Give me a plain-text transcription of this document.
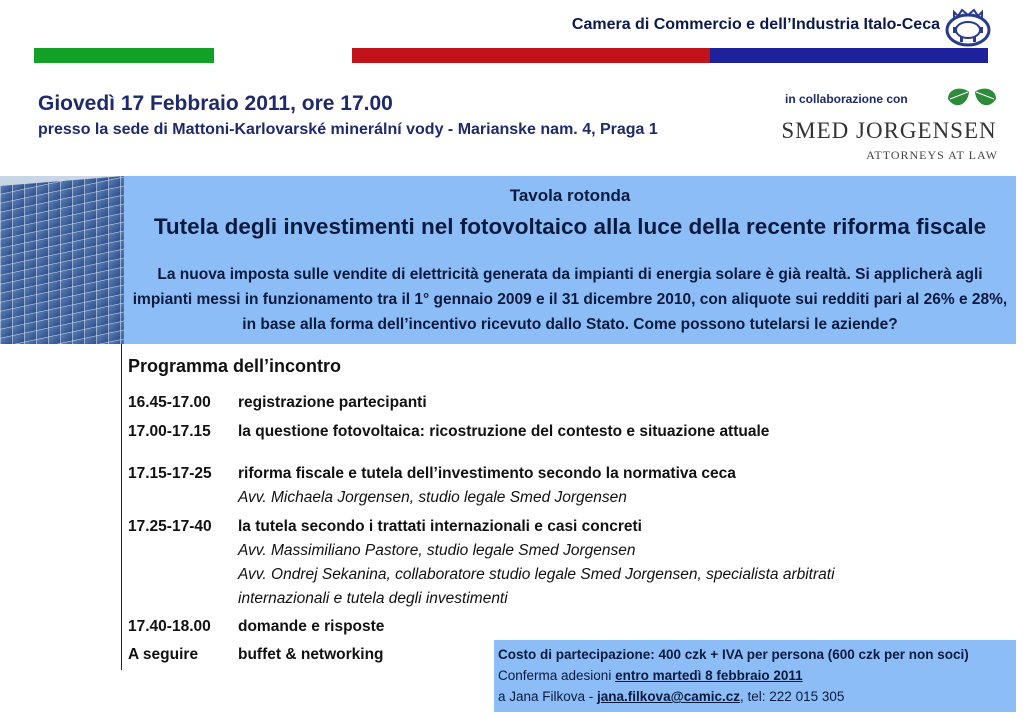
Camera di Commercio e dell’Industria Italo-Ceca
Giovedì 17 Febbraio 2011, ore 17.00
presso la sede di Mattoni-Karlovarské minerální vody - Marianske nam. 4, Praga 1
in collaborazione con
SMED JORGENSEN
ATTORNEYS AT LAW
Tavola rotonda
Tutela degli investimenti nel fotovoltaico alla luce della recente riforma fiscale
La nuova imposta sulle vendite di elettricità generata da impianti di energia solare è già realtà. Si applicherà agli impianti messi in funzionamento tra il 1° gennaio 2009 e il 31 dicembre 2010, con aliquote sui redditi pari al 26% e 28%, in base alla forma dell’incentivo ricevuto dallo Stato. Come possono tutelarsi le aziende?
Programma dell’incontro
16.45-17.00 registrazione partecipanti
17.00-17.15 la questione fotovoltaica: ricostruzione del contesto e situazione attuale
17.15-17-25 riforma fiscale e tutela dell’investimento secondo la normativa ceca
Avv. Michaela Jorgensen, studio legale Smed Jorgensen
17.25-17-40 la tutela secondo i trattati internazionali e casi concreti
Avv. Massimiliano Pastore, studio legale Smed Jorgensen
Avv. Ondrej Sekanina, collaboratore studio legale Smed Jorgensen, specialista arbitrati
internazionali e tutela degli investimenti
17.40-18.00 domande e risposte
A seguire	buffet & networking	Costo di partecipazione: 400 czk + IVA per persona (600 czk per non soci)
Conferma adesioni entro martedì 8 febbraio 2011
a Jana Filkova - jana.filkova@camic.cz, tel: 222 015 305
